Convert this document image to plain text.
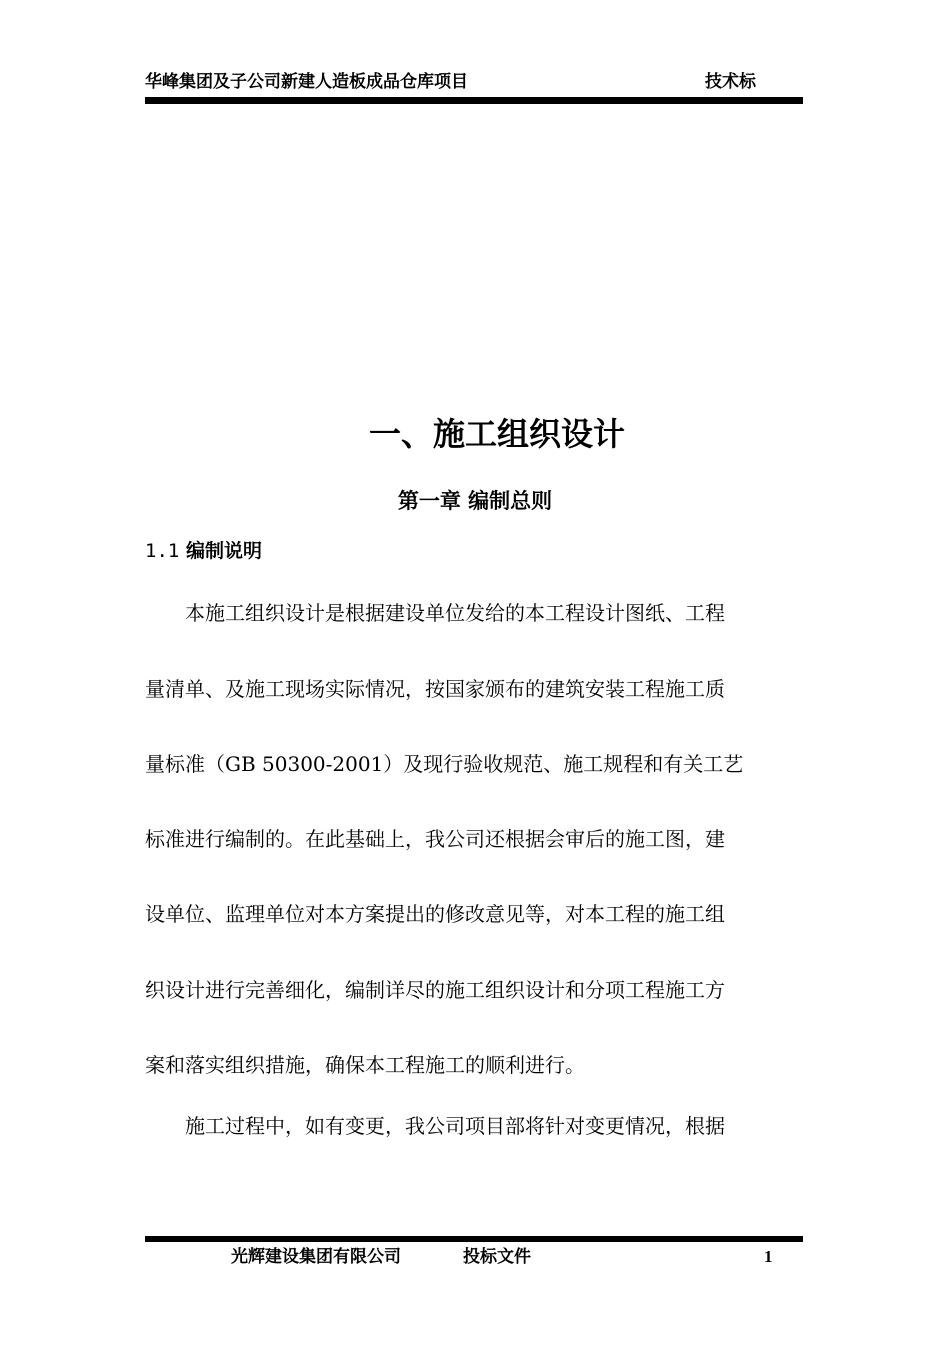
华峰集团及子公司新建人造板成品仓库项目	技术标
一、施工组织设计
第一章 编制总则
1.1 编制说明
　　本施工组织设计是根据建设单位发给的本工程设计图纸、工程
量清单、及施工现场实际情况，按国家颁布的建筑安装工程施工质
量标准（GB 50300-2001）及现行验收规范、施工规程和有关工艺
标准进行编制的。在此基础上，我公司还根据会审后的施工图，建
设单位、监理单位对本方案提出的修改意见等，对本工程的施工组
织设计进行完善细化，编制详尽的施工组织设计和分项工程施工方
案和落实组织措施，确保本工程施工的顺利进行。
　　施工过程中，如有变更，我公司项目部将针对变更情况，根据
光辉建设集团有限公司	投标文件	1
